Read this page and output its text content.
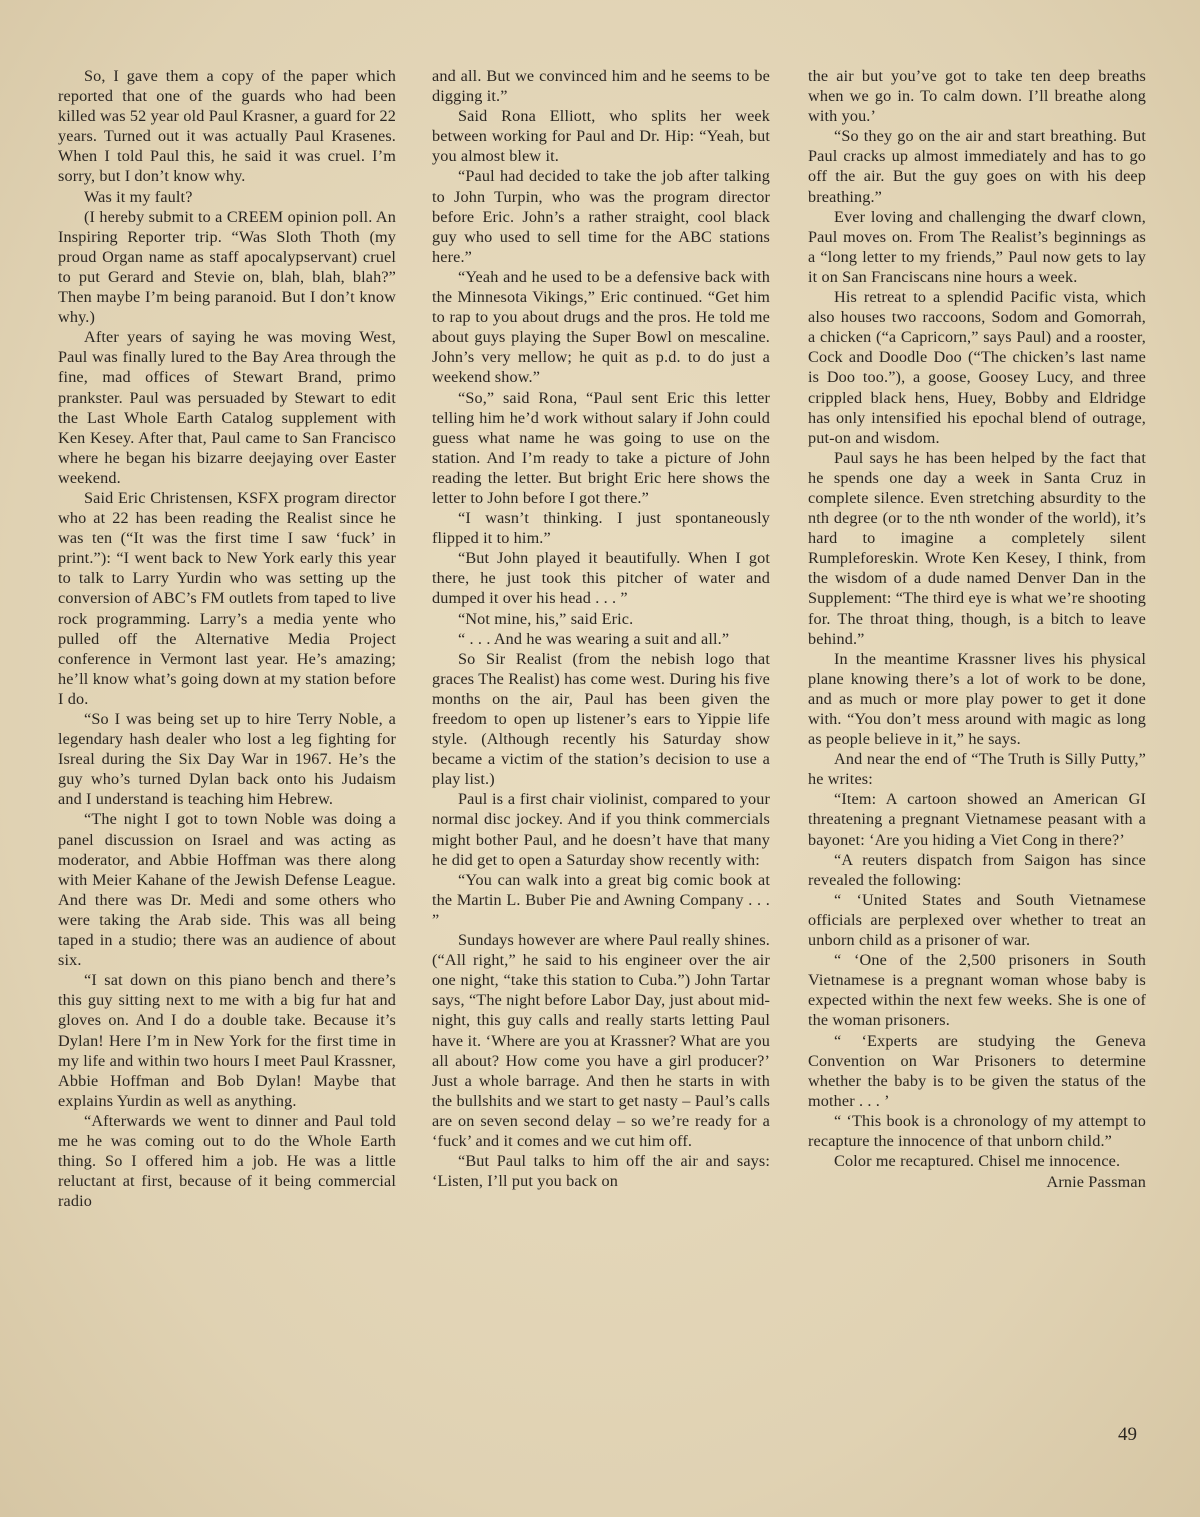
So, I gave them a copy of the paper which reported that one of the guards who had been killed was 52 year old Paul Krasner, a guard for 22 years. Turned out it was actually Paul Krasenes. When I told Paul this, he said it was cruel. I’m sorry, but I don’t know why.

Was it my fault?

(I hereby submit to a CREEM opinion poll. An Inspiring Reporter trip. “Was Sloth Thoth (my proud Organ name as staff apocalypservant) cruel to put Gerard and Stevie on, blah, blah, blah?” Then maybe I’m being paranoid. But I don’t know why.)

After years of saying he was moving West, Paul was finally lured to the Bay Area through the fine, mad offices of Stewart Brand, primo prankster. Paul was persuaded by Stewart to edit the Last Whole Earth Catalog supplement with Ken Kesey. After that, Paul came to San Francisco where he began his bizarre deejaying over Easter weekend.

Said Eric Christensen, KSFX program director who at 22 has been reading the Realist since he was ten (“It was the first time I saw ‘fuck’ in print.”): “I went back to New York early this year to talk to Larry Yurdin who was setting up the conversion of ABC’s FM outlets from taped to live rock programming. Larry’s a media yente who pulled off the Alternative Media Project conference in Vermont last year. He’s amazing; he’ll know what’s going down at my station before I do.

“So I was being set up to hire Terry Noble, a legendary hash dealer who lost a leg fighting for Isreal during the Six Day War in 1967. He’s the guy who’s turned Dylan back onto his Judaism and I understand is teaching him Hebrew.

“The night I got to town Noble was doing a panel discussion on Israel and was acting as moderator, and Abbie Hoffman was there along with Meier Kahane of the Jewish Defense League. And there was Dr. Medi and some others who were taking the Arab side. This was all being taped in a studio; there was an audience of about six.

“I sat down on this piano bench and there’s this guy sitting next to me with a big fur hat and gloves on. And I do a double take. Because it’s Dylan! Here I’m in New York for the first time in my life and within two hours I meet Paul Krassner, Abbie Hoffman and Bob Dylan! Maybe that explains Yurdin as well as anything.

“Afterwards we went to dinner and Paul told me he was coming out to do the Whole Earth thing. So I offered him a job. He was a little reluctant at first, because of it being commercial radio

and all. But we convinced him and he seems to be digging it.”

Said Rona Elliott, who splits her week between working for Paul and Dr. Hip: “Yeah, but you almost blew it.

“Paul had decided to take the job after talking to John Turpin, who was the program director before Eric. John’s a rather straight, cool black guy who used to sell time for the ABC stations here.”

“Yeah and he used to be a defensive back with the Minnesota Vikings,” Eric continued. “Get him to rap to you about drugs and the pros. He told me about guys playing the Super Bowl on mescaline. John’s very mellow; he quit as p.d. to do just a weekend show.”

“So,” said Rona, “Paul sent Eric this letter telling him he’d work without salary if John could guess what name he was going to use on the station. And I’m ready to take a picture of John reading the letter. But bright Eric here shows the letter to John before I got there.”

“I wasn’t thinking. I just spontaneously flipped it to him.”

“But John played it beautifully. When I got there, he just took this pitcher of water and dumped it over his head . . . ”

“Not mine, his,” said Eric.

“ . . . And he was wearing a suit and all.”

So Sir Realist (from the nebish logo that graces The Realist) has come west. During his five months on the air, Paul has been given the freedom to open up listener’s ears to Yippie life style. (Although recently his Saturday show became a victim of the station’s decision to use a play list.)

Paul is a first chair violinist, compared to your normal disc jockey. And if you think commercials might bother Paul, and he doesn’t have that many he did get to open a Saturday show recently with:

“You can walk into a great big comic book at the Martin L. Buber Pie and Awning Company . . . ”

Sundays however are where Paul really shines. (“All right,” he said to his engineer over the air one night, “take this station to Cuba.”) John Tartar says, “The night before Labor Day, just about mid-night, this guy calls and really starts letting Paul have it. ‘Where are you at Krassner? What are you all about? How come you have a girl producer?’ Just a whole barrage. And then he starts in with the bullshits and we start to get nasty – Paul’s calls are on seven second delay – so we’re ready for a ‘fuck’ and it comes and we cut him off.

“But Paul talks to him off the air and says: ‘Listen, I’ll put you back on

the air but you’ve got to take ten deep breaths when we go in. To calm down. I’ll breathe along with you.’

“So they go on the air and start breathing. But Paul cracks up almost immediately and has to go off the air. But the guy goes on with his deep breathing.”

Ever loving and challenging the dwarf clown, Paul moves on. From The Realist’s beginnings as a “long letter to my friends,” Paul now gets to lay it on San Franciscans nine hours a week.

His retreat to a splendid Pacific vista, which also houses two raccoons, Sodom and Gomorrah, a chicken (“a Capricorn,” says Paul) and a rooster, Cock and Doodle Doo (“The chicken’s last name is Doo too.”), a goose, Goosey Lucy, and three crippled black hens, Huey, Bobby and Eldridge has only intensified his epochal blend of outrage, put-on and wisdom.

Paul says he has been helped by the fact that he spends one day a week in Santa Cruz in complete silence. Even stretching absurdity to the nth degree (or to the nth wonder of the world), it’s hard to imagine a completely silent Rumpleforeskin. Wrote Ken Kesey, I think, from the wisdom of a dude named Denver Dan in the Supplement: “The third eye is what we’re shooting for. The throat thing, though, is a bitch to leave behind.”

In the meantime Krassner lives his physical plane knowing there’s a lot of work to be done, and as much or more play power to get it done with. “You don’t mess around with magic as long as people believe in it,” he says.

And near the end of “The Truth is Silly Putty,” he writes:

“Item: A cartoon showed an American GI threatening a pregnant Vietnamese peasant with a bayonet: ‘Are you hiding a Viet Cong in there?’

“A reuters dispatch from Saigon has since revealed the following:

“ ‘United States and South Vietnamese officials are perplexed over whether to treat an unborn child as a prisoner of war.

“ ‘One of the 2,500 prisoners in South Vietnamese is a pregnant woman whose baby is expected within the next few weeks. She is one of the woman prisoners.

“ ‘Experts are studying the Geneva Convention on War Prisoners to determine whether the baby is to be given the status of the mother . . . ’

“ ‘This book is a chronology of my attempt to recapture the innocence of that unborn child.”

Color me recaptured. Chisel me innocence.

Arnie Passman

49
